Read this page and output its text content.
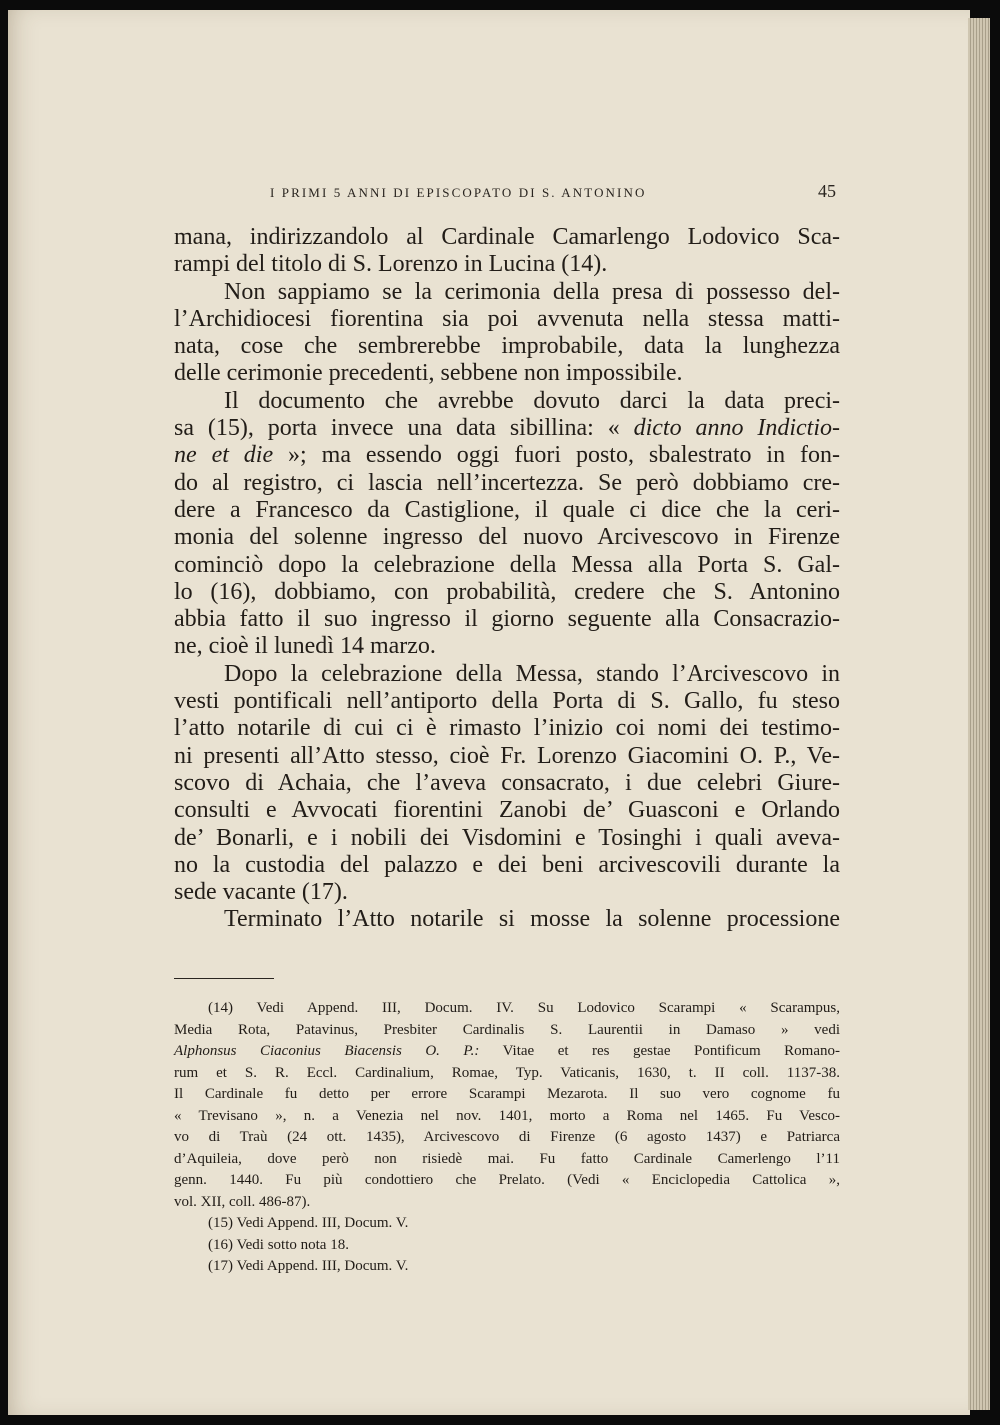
I PRIMI 5 ANNI DI EPISCOPATO DI S. ANTONINO	45
mana, indirizzandolo al Cardinale Camarlengo Lodovico Sca-
rampi del titolo di S. Lorenzo in Lucina (14).
Non sappiamo se la cerimonia della presa di possesso del-
l’Archidiocesi fiorentina sia poi avvenuta nella stessa matti-
nata, cose che sembrerebbe improbabile, data la lunghezza
delle cerimonie precedenti, sebbene non impossibile.
Il documento che avrebbe dovuto darci la data preci-
sa (15), porta invece una data sibillina: « dicto anno Indictio-
ne et die »; ma essendo oggi fuori posto, sbalestrato in fon-
do al registro, ci lascia nell’incertezza. Se però dobbiamo cre-
dere a Francesco da Castiglione, il quale ci dice che la ceri-
monia del solenne ingresso del nuovo Arcivescovo in Firenze
cominciò dopo la celebrazione della Messa alla Porta S. Gal-
lo (16), dobbiamo, con probabilità, credere che S. Antonino
abbia fatto il suo ingresso il giorno seguente alla Consacrazio-
ne, cioè il lunedì 14 marzo.
Dopo la celebrazione della Messa, stando l’Arcivescovo in
vesti pontificali nell’antiporto della Porta di S. Gallo, fu steso
l’atto notarile di cui ci è rimasto l’inizio coi nomi dei testimo-
ni presenti all’Atto stesso, cioè Fr. Lorenzo Giacomini O. P., Ve-
scovo di Achaia, che l’aveva consacrato, i due celebri Giure-
consulti e Avvocati fiorentini Zanobi de’ Guasconi e Orlando
de’ Bonarli, e i nobili dei Visdomini e Tosinghi i quali aveva-
no la custodia del palazzo e dei beni arcivescovili durante la
sede vacante (17).
Terminato l’Atto notarile si mosse la solenne processione
(14) Vedi Append. III, Docum. IV. Su Lodovico Scarampi « Scarampus,
Media Rota, Patavinus, Presbiter Cardinalis S. Laurentii in Damaso » vedi
Alphonsus Ciaconius Biacensis O. P.: Vitae et res gestae Pontificum Romano-
rum et S. R. Eccl. Cardinalium, Romae, Typ. Vaticanis, 1630, t. II coll. 1137-38.
Il Cardinale fu detto per errore Scarampi Mezarota. Il suo vero cognome fu
« Trevisano », n. a Venezia nel nov. 1401, morto a Roma nel 1465. Fu Vesco-
vo di Traù (24 ott. 1435), Arcivescovo di Firenze (6 agosto 1437) e Patriarca
d’Aquileia, dove però non risiedè mai. Fu fatto Cardinale Camerlengo l’11
genn. 1440. Fu più condottiero che Prelato. (Vedi « Enciclopedia Cattolica »,
vol. XII, coll. 486-87).
(15) Vedi Append. III, Docum. V.
(16) Vedi sotto nota 18.
(17) Vedi Append. III, Docum. V.
